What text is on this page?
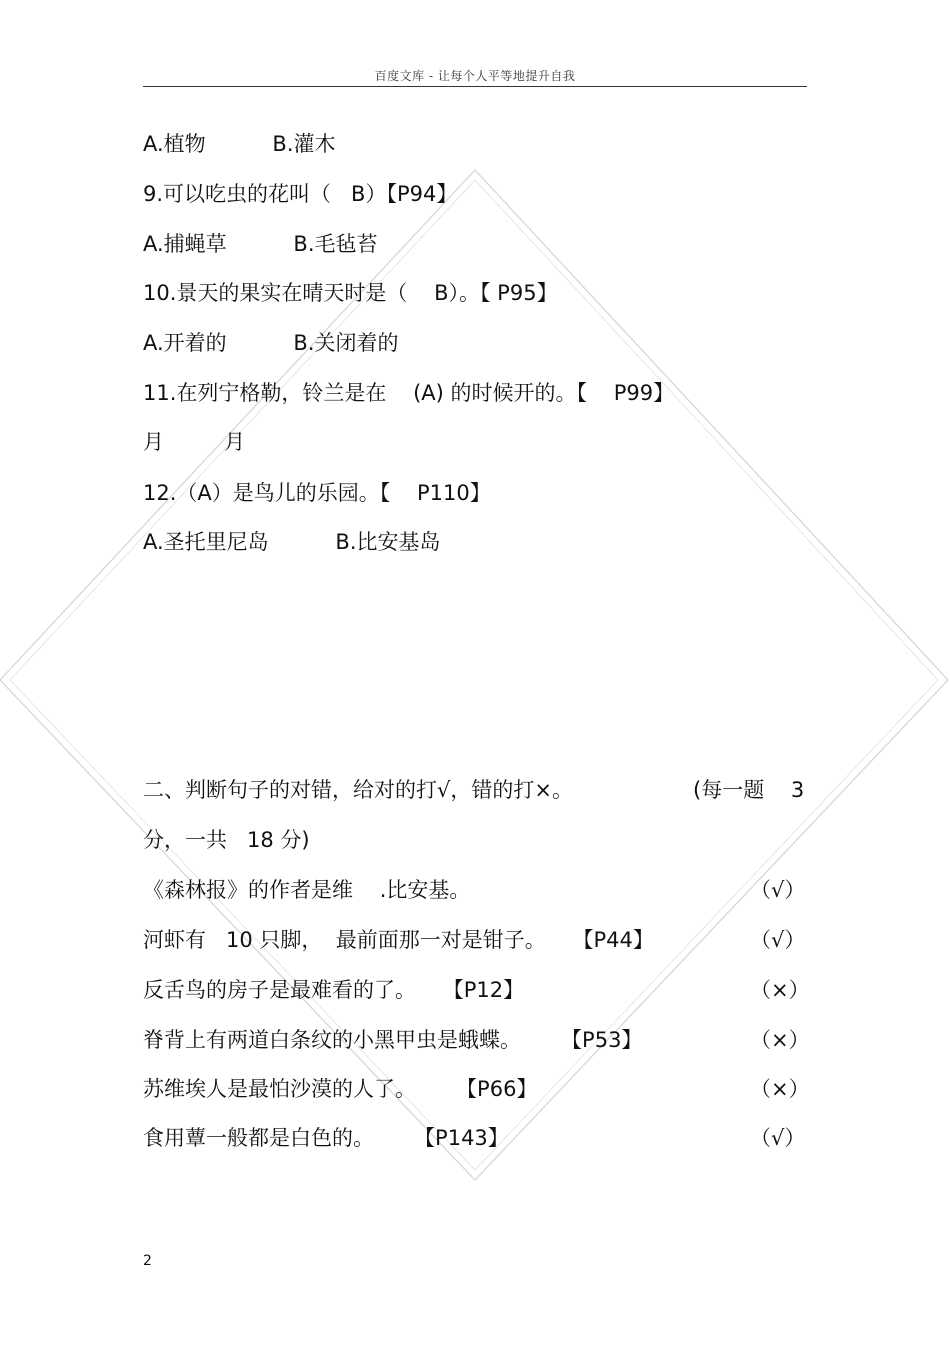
百度文库 - 让每个人平等地提升自我
A.植物          B.灌木
9.可以吃虫的花叫（   B）【P94】
A.捕蝇草          B.毛毡苔
10.景天的果实在晴天时是（    B）。【 P95】
A.开着的          B.关闭着的
11.在列宁格勒，铃兰是在    (A) 的时候开的。【    P99】
月         月
12.（A）是鸟儿的乐园。【    P110】
A.圣托里尼岛          B.比安基岛
二、判断句子的对错，给对的打√，错的打×。	(每一题    3
分，一共   18 分)
《森林报》的作者是维    .比安基。	（√）
河虾有   10 只脚，  最前面那一对是钳子。    【P44】	（√）
反舌鸟的房子是最难看的了。    【P12】	（×）
脊背上有两道白条纹的小黑甲虫是蛾蝶。      【P53】	（×）
苏维埃人是最怕沙漠的人了。      【P66】	（×）
食用蕈一般都是白色的。      【P143】	（√）
2
